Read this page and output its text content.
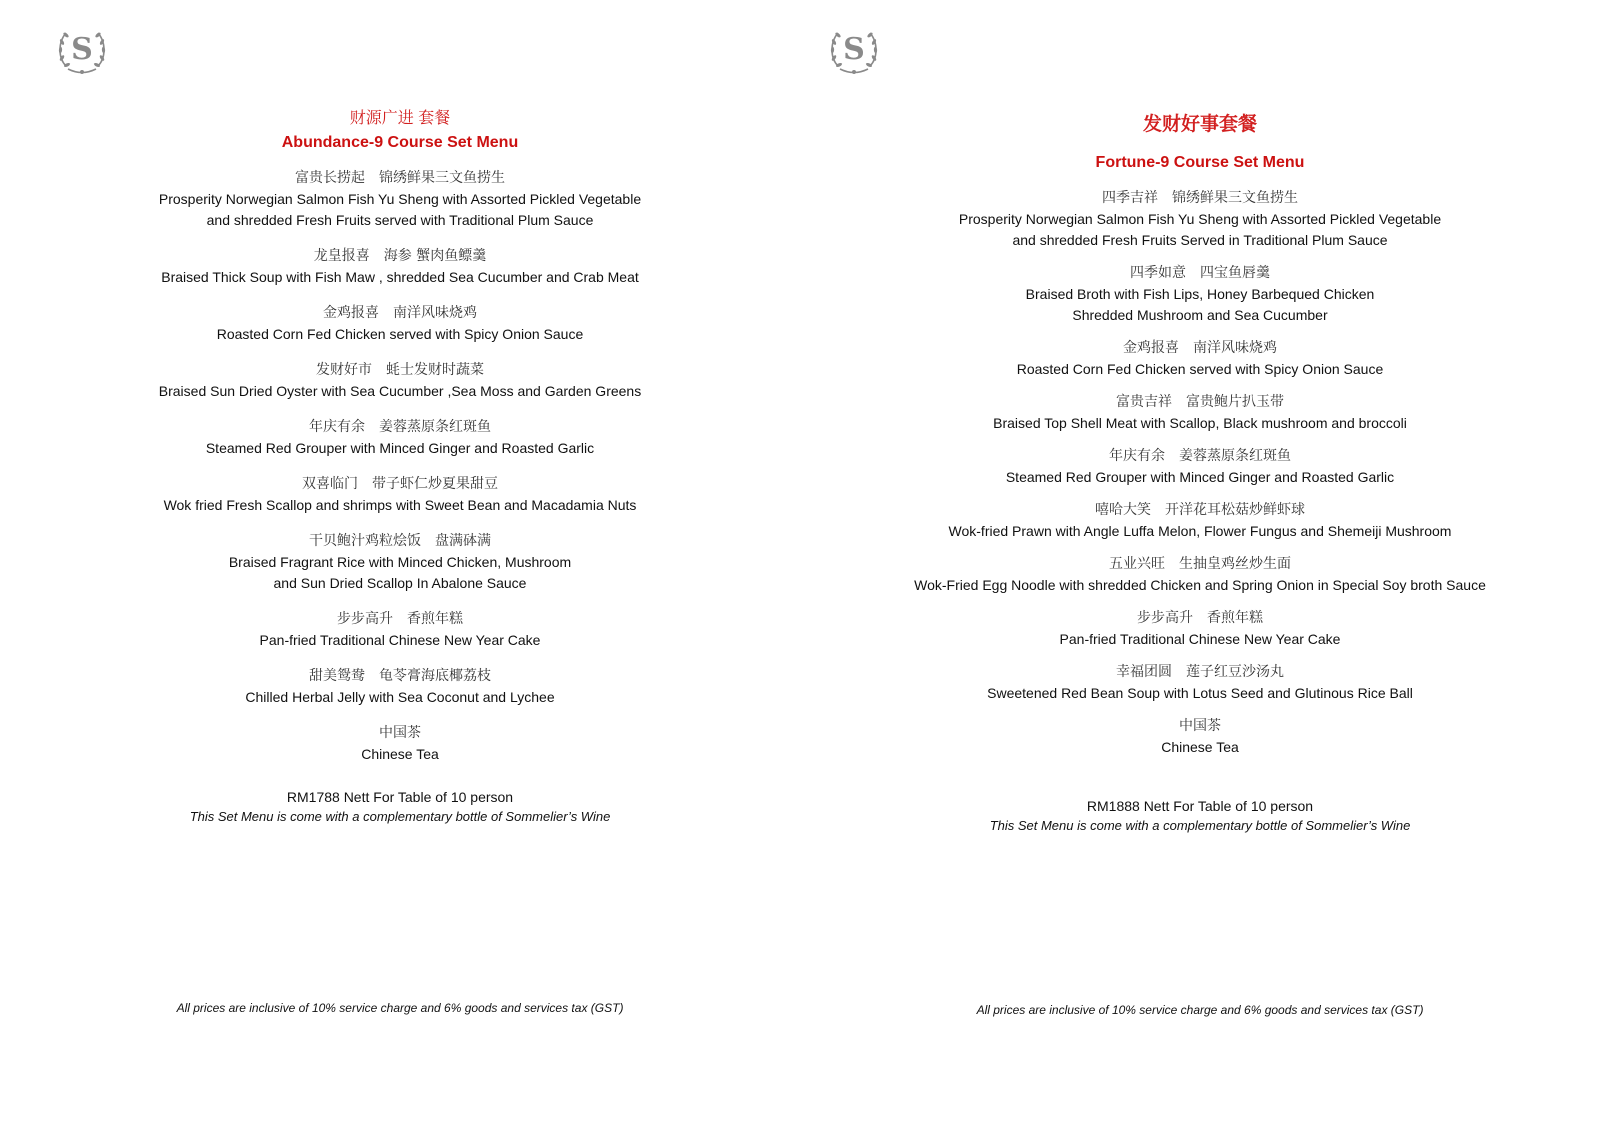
财源广进 套餐
Abundance-9 Course Set Menu
富贵长捞起　锦绣鲜果三文鱼捞生
Prosperity Norwegian Salmon Fish Yu Sheng with Assorted Pickled Vegetable
and shredded Fresh Fruits served with Traditional Plum Sauce
龙皇报喜　海参 蟹肉鱼鳔羹
Braised Thick Soup with Fish Maw , shredded Sea Cucumber and Crab Meat
金鸡报喜　南洋风味烧鸡
Roasted Corn Fed Chicken served with Spicy Onion Sauce
发财好市　蚝士发财时蔬菜
Braised Sun Dried Oyster with Sea Cucumber ,Sea Moss and Garden Greens
年庆有余　姜蓉蒸原条红斑鱼
Steamed Red Grouper with Minced Ginger and Roasted Garlic
双喜临门　带子虾仁炒夏果甜豆
Wok fried Fresh Scallop and shrimps with Sweet Bean and Macadamia Nuts
干贝鲍汁鸡粒烩饭　盘满砵满
Braised Fragrant Rice with Minced Chicken, Mushroom
and Sun Dried Scallop In Abalone Sauce
步步高升　香煎年糕
Pan-fried Traditional Chinese New Year Cake
甜美鸳鸯　龟苓膏海底椰荔枝
Chilled Herbal Jelly with Sea Coconut and Lychee
中国茶
Chinese Tea
RM1788 Nett For Table of 10 person
This Set Menu is come with a complementary bottle of Sommelier’s Wine
All prices are inclusive of 10% service charge and 6% goods and services tax (GST)
发财好事套餐
Fortune-9 Course Set Menu
四季吉祥　锦绣鲜果三文鱼捞生
Prosperity Norwegian Salmon Fish Yu Sheng with Assorted Pickled Vegetable
and shredded Fresh Fruits Served in Traditional Plum Sauce
四季如意　四宝鱼唇羹
Braised Broth with Fish Lips, Honey Barbequed Chicken
Shredded Mushroom and Sea Cucumber
金鸡报喜　南洋风味烧鸡
Roasted Corn Fed Chicken served with Spicy Onion Sauce
富贵吉祥　富贵鲍片扒玉带
Braised Top Shell Meat with Scallop, Black mushroom and broccoli
年庆有余　姜蓉蒸原条红斑鱼
Steamed Red Grouper with Minced Ginger and Roasted Garlic
嘻哈大笑　开洋花耳松菇炒鲜虾球
Wok-fried Prawn with Angle Luffa Melon, Flower Fungus and Shemeiji Mushroom
五业兴旺　生抽皇鸡丝炒生面
Wok-Fried Egg Noodle with shredded Chicken and Spring Onion in Special Soy broth Sauce
步步高升　香煎年糕
Pan-fried Traditional Chinese New Year Cake
幸福团圆　莲子红豆沙汤丸
Sweetened Red Bean Soup with Lotus Seed and Glutinous Rice Ball
中国茶
Chinese Tea
RM1888 Nett For Table of 10 person
This Set Menu is come with a complementary bottle of Sommelier’s Wine
All prices are inclusive of 10% service charge and 6% goods and services tax (GST)
